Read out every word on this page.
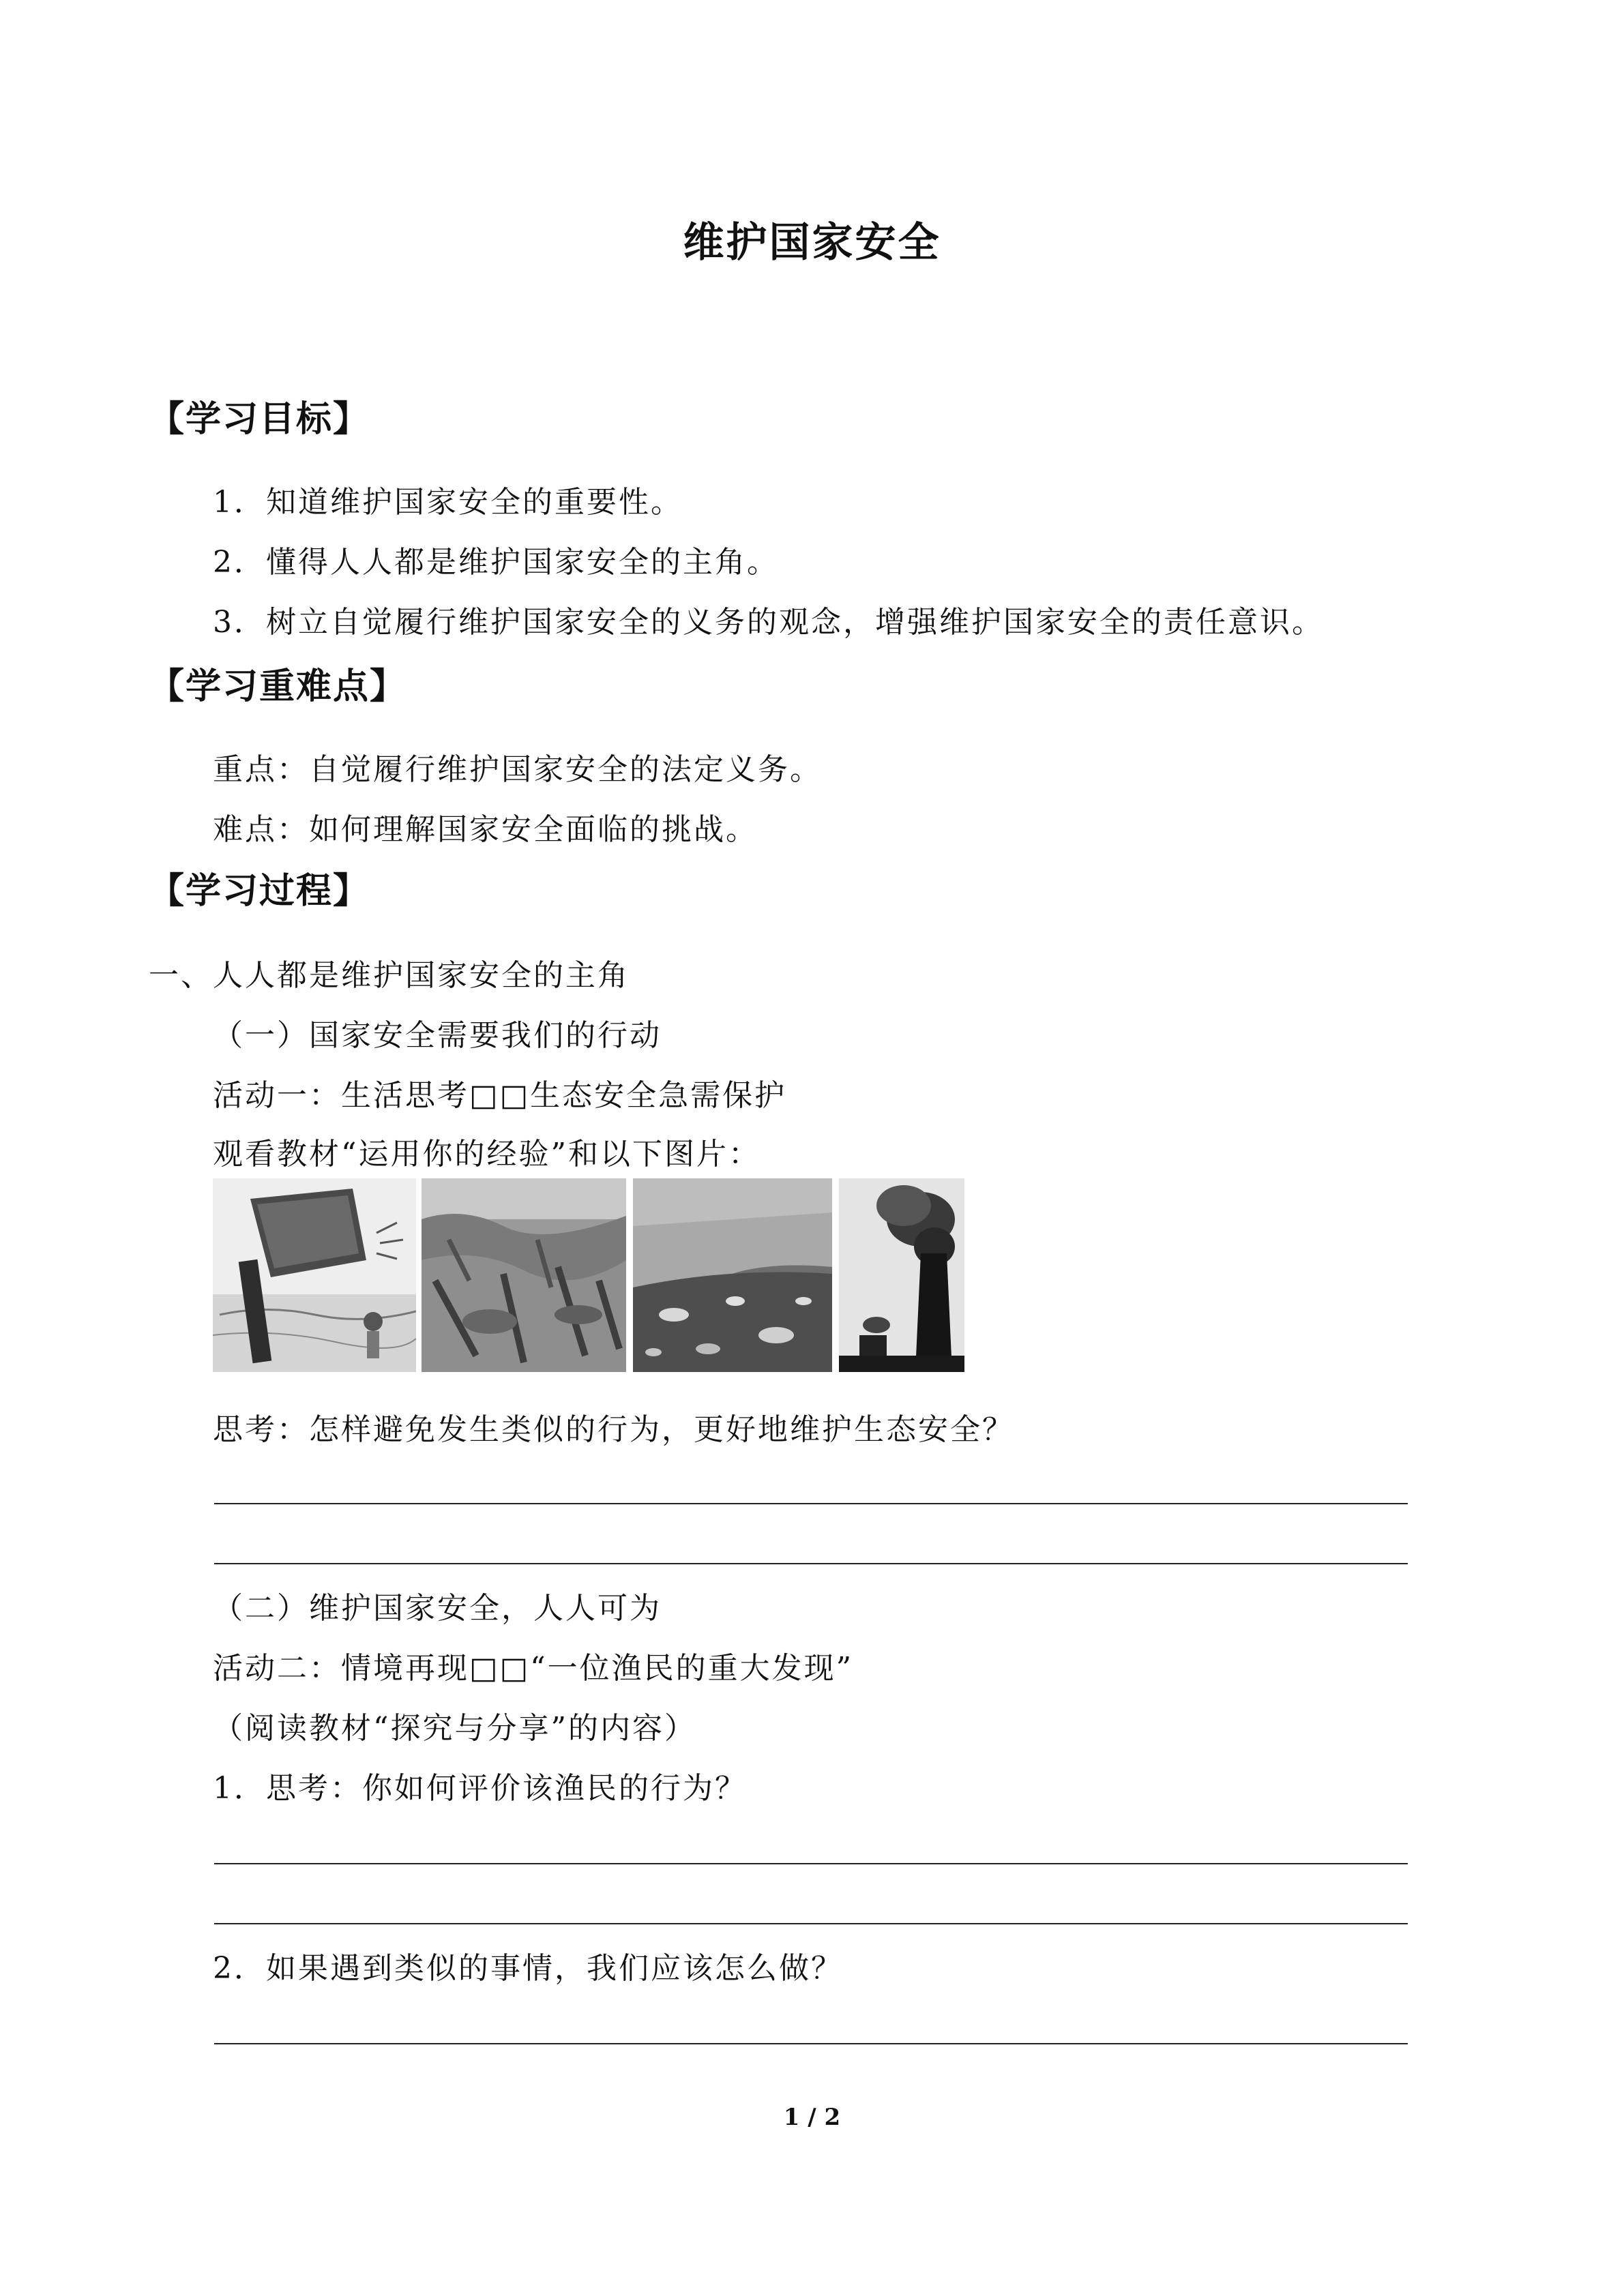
维护国家安全
【学习目标】
1．知道维护国家安全的重要性。
2．懂得人人都是维护国家安全的主角。
3．树立自觉履行维护国家安全的义务的观念，增强维护国家安全的责任意识。
【学习重难点】
重点：自觉履行维护国家安全的法定义务。
难点：如何理解国家安全面临的挑战。
【学习过程】
一、人人都是维护国家安全的主角
（一）国家安全需要我们的行动
活动一：生活思考□□生态安全急需保护
观看教材“运用你的经验”和以下图片：
思考：怎样避免发生类似的行为，更好地维护生态安全？
（二）维护国家安全，人人可为
活动二：情境再现□□“一位渔民的重大发现”
（阅读教材“探究与分享”的内容）
1．思考：你如何评价该渔民的行为？
2．如果遇到类似的事情，我们应该怎么做？
1 / 2
